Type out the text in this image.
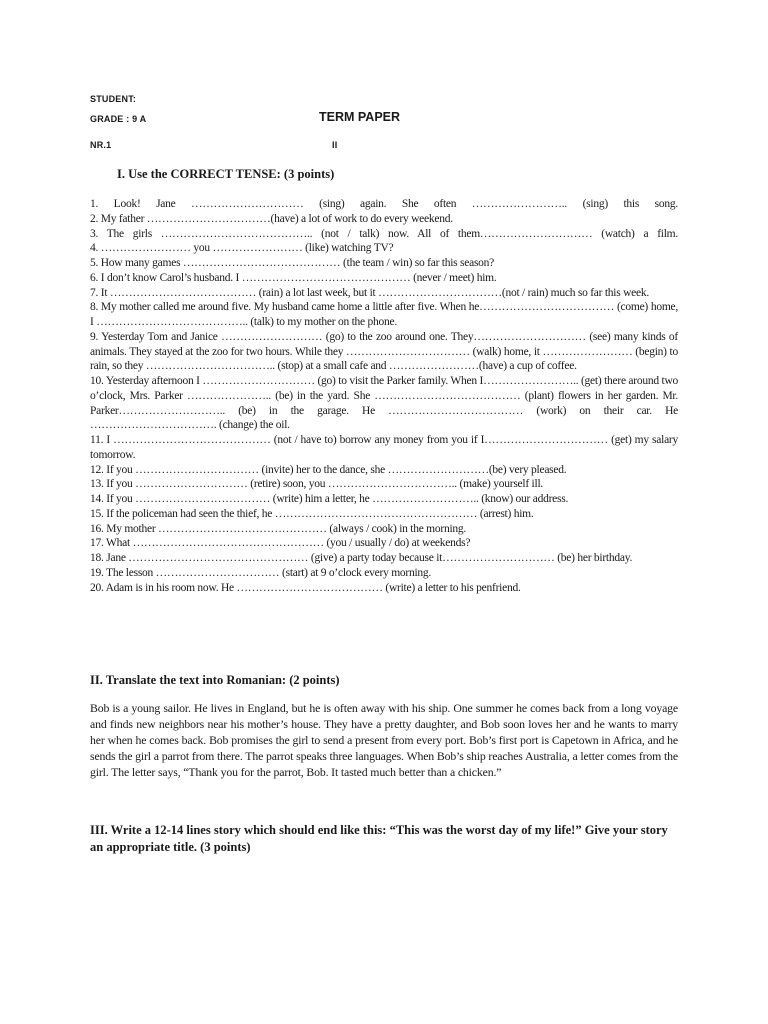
STUDENT:
GRADE : 9 A	TERM PAPER
NR.1	II
I. Use the CORRECT TENSE: (3 points)
1. Look! Jane ………………………… (sing) again. She often …………………….. (sing) this song.
2. My father ……………………………(have) a lot of work to do every weekend.
3. The girls ………………………………….. (not / talk) now. All of them………………………… (watch) a film.
4. …………………… you …………………… (like) watching TV?
5. How many games …………………………………… (the team / win) so far this season?
6. I don’t know Carol’s husband. I ……………………………………… (never / meet) him.
7. It ………………………………… (rain) a lot last week, but it ……………………………(not / rain) much so far this week.
8. My mother called me around five. My husband came home a little after five. When he……………………………… (come) home, I ………………………………….. (talk) to my mother on the phone.
9. Yesterday Tom and Janice ……………………… (go) to the zoo around one. They………………………… (see) many kinds of animals. They stayed at the zoo for two hours. While they …………………………… (walk) home, it …………………… (begin) to rain, so they …………………………….. (stop) at a small cafe and ……………………(have) a cup of coffee.
10. Yesterday afternoon I ………………………… (go) to visit the Parker family. When I…………………….. (get) there around two o’clock, Mrs. Parker ………………….. (be) in the yard. She ………………………………… (plant) flowers in her garden. Mr. Parker……………………….. (be) in the garage. He ……………………………… (work) on their car. He ……………………………. (change) the oil.
11. I …………………………………… (not / have to) borrow any money from you if I…………………………… (get) my salary tomorrow.
12. If you …………………………… (invite) her to the dance, she ………………………(be) very pleased.
13. If you ………………………… (retire) soon, you …………………………….. (make) yourself ill.
14. If you ……………………………… (write) him a letter, he ……………………….. (know) our address.
15. If the policeman had seen the thief, he ……………………………………………… (arrest) him.
16. My mother ……………………………………… (always / cook) in the morning.
17. What …………………………………………… (you / usually / do) at weekends?
18. Jane ………………………………………… (give) a party today because it………………………… (be) her birthday.
19. The lesson …………………………… (start) at 9 o’clock every morning.
20. Adam is in his room now. He ………………………………… (write) a letter to his penfriend.
II. Translate the text into Romanian: (2 points)
Bob is a young sailor. He lives in England, but he is often away with his ship. One summer he comes back from a long voyage and finds new neighbors near his mother’s house. They have a pretty daughter, and Bob soon loves her and he wants to marry her when he comes back. Bob promises the girl to send a present from every port. Bob’s first port is Capetown in Africa, and he sends the girl a parrot from there. The parrot speaks three languages. When Bob’s ship reaches Australia, a letter comes from the girl. The letter says, “Thank you for the parrot, Bob. It tasted much better than a chicken.”
III. Write a 12-14 lines story which should end like this: “This was the worst day of my life!” Give your story an appropriate title. (3 points)
